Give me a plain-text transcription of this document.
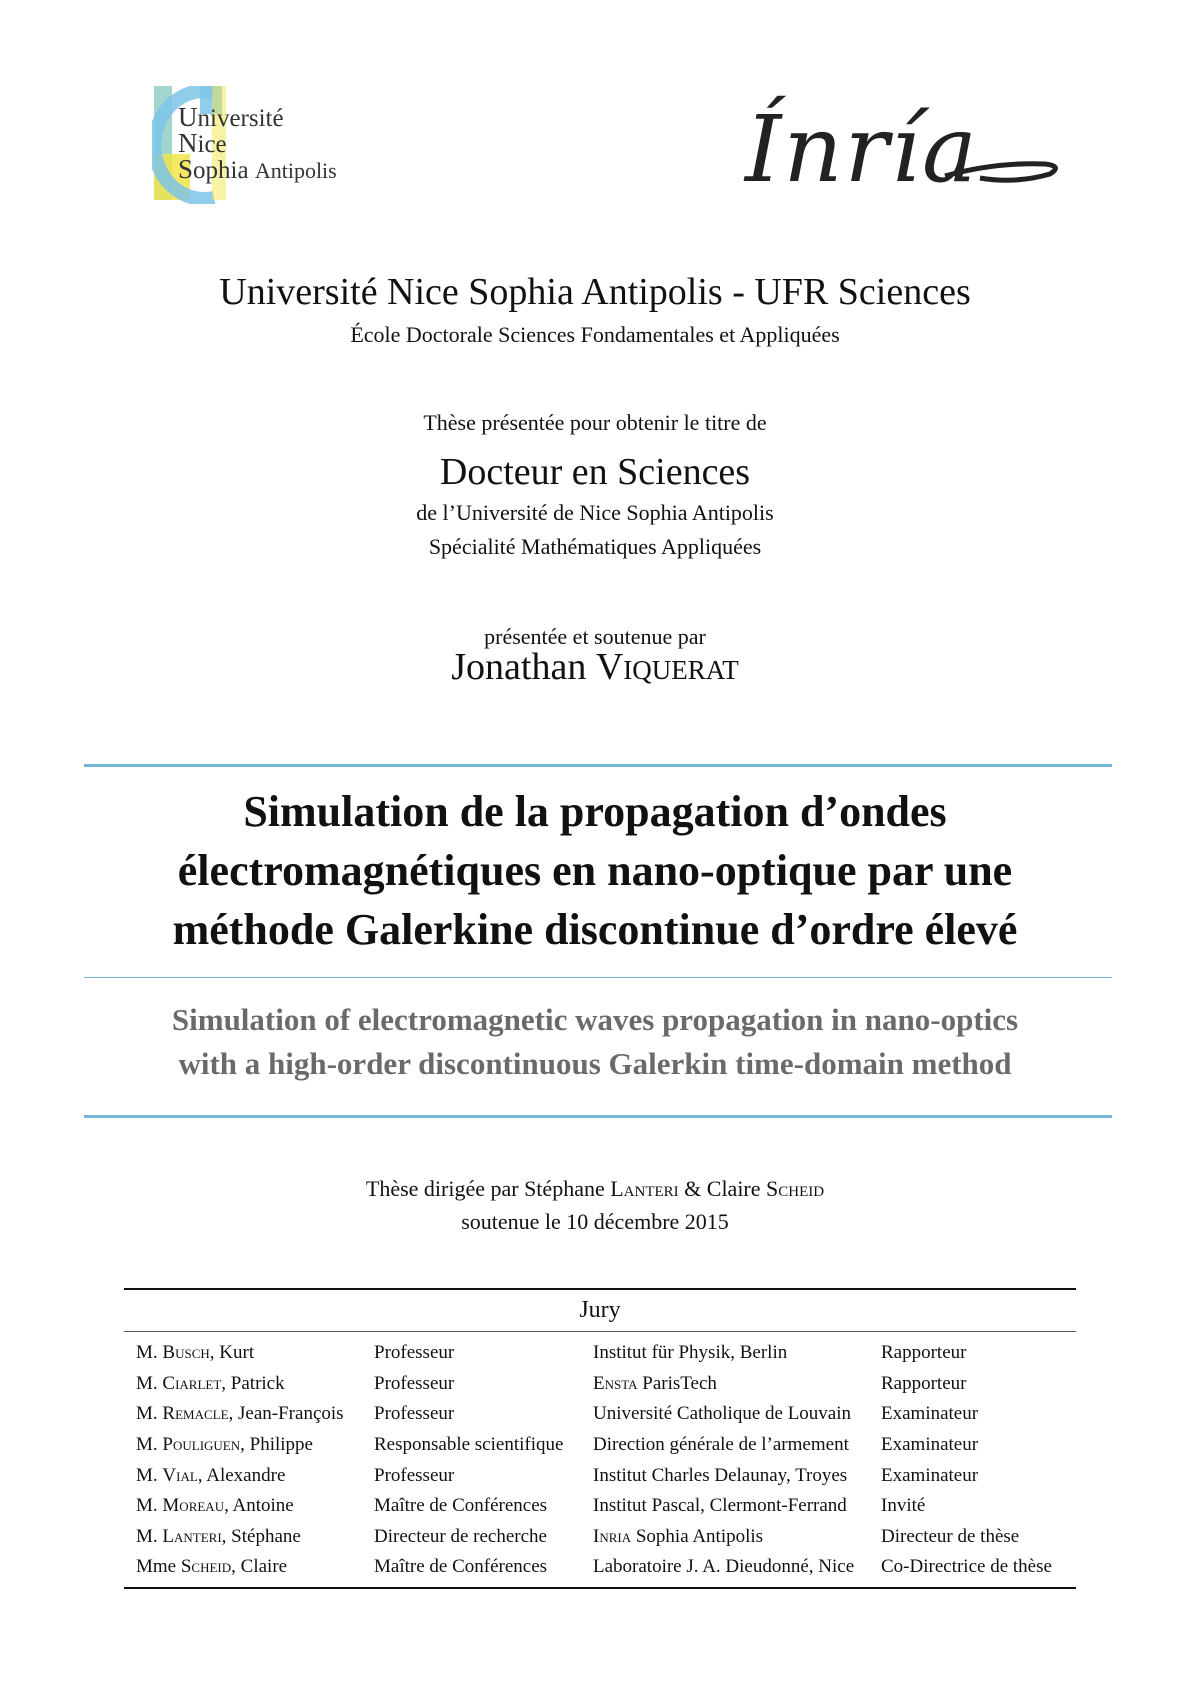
Université
Nice
Sophia Antipolis	Ínría
Université Nice Sophia Antipolis - UFR Sciences
École Doctorale Sciences Fondamentales et Appliquées
Thèse présentée pour obtenir le titre de
Docteur en Sciences
de l’Université de Nice Sophia Antipolis
Spécialité Mathématiques Appliquées
présentée et soutenue par
Jonathan Viquerat
Simulation de la propagation d’ondes
électromagnétiques en nano-optique par une
méthode Galerkine discontinue d’ordre élevé
Simulation of electromagnetic waves propagation in nano-optics
with a high-order discontinuous Galerkin time-domain method
Thèse dirigée par Stéphane Lanteri & Claire Scheid
soutenue le 10 décembre 2015
Jury
M. Busch, Kurt	Professeur	Institut für Physik, Berlin	Rapporteur
M. Ciarlet, Patrick	Professeur	Ensta ParisTech	Rapporteur
M. Remacle, Jean-François	Professeur	Université Catholique de Louvain	Examinateur
M. Pouliguen, Philippe	Responsable scientifique	Direction générale de l’armement	Examinateur
M. Vial, Alexandre	Professeur	Institut Charles Delaunay, Troyes	Examinateur
M. Moreau, Antoine	Maître de Conférences	Institut Pascal, Clermont-Ferrand	Invité
M. Lanteri, Stéphane	Directeur de recherche	Inria Sophia Antipolis	Directeur de thèse
Mme Scheid, Claire	Maître de Conférences	Laboratoire J. A. Dieudonné, Nice	Co-Directrice de thèse
